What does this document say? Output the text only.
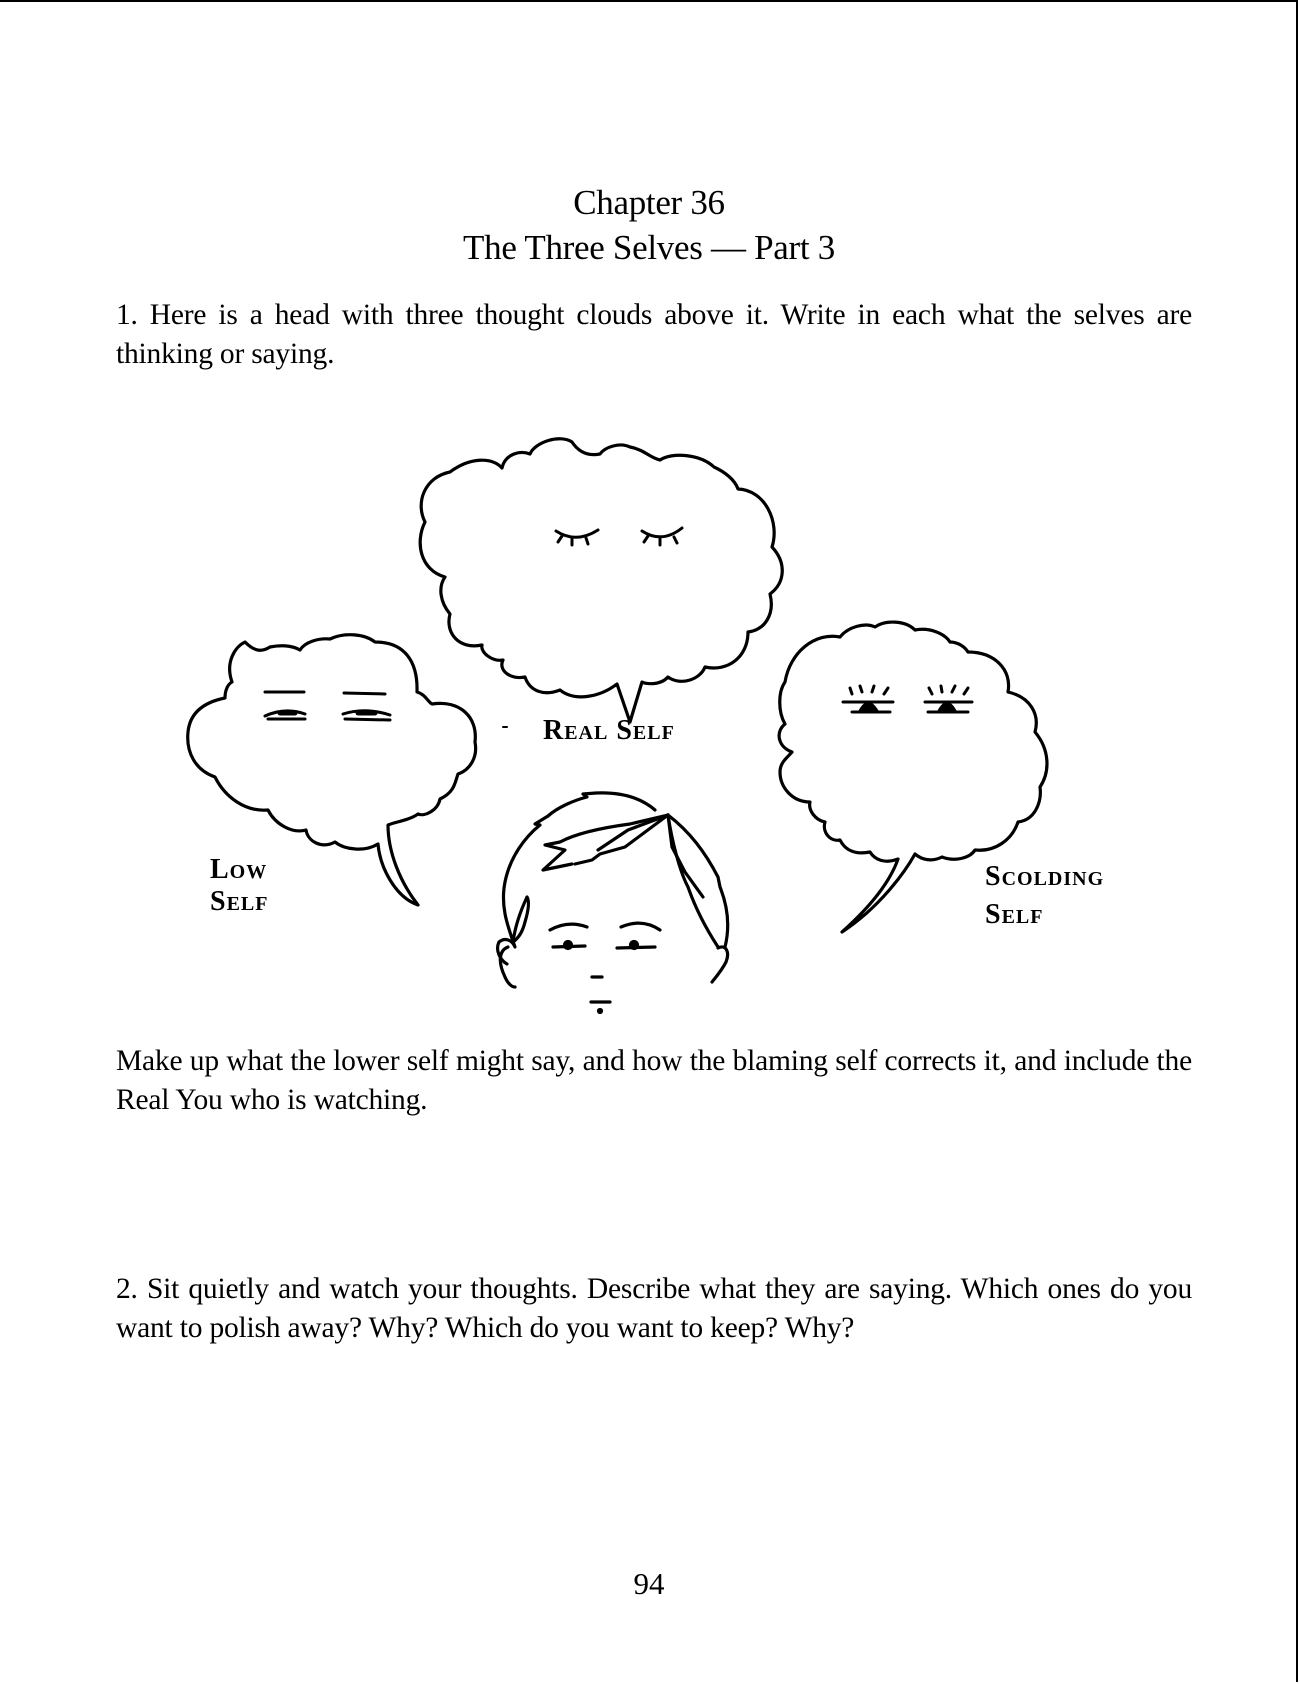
Chapter 36
The Three Selves — Part 3
1. Here is a head with three thought clouds above it. Write in each what the selves are thinking or saying.
Real Self
Low
Self
Scolding
Self
Make up what the lower self might say, and how the blaming self corrects it, and include the Real You who is watching.
2. Sit quietly and watch your thoughts. Describe what they are saying. Which ones do you want to polish away? Why? Which do you want to keep? Why?
94
